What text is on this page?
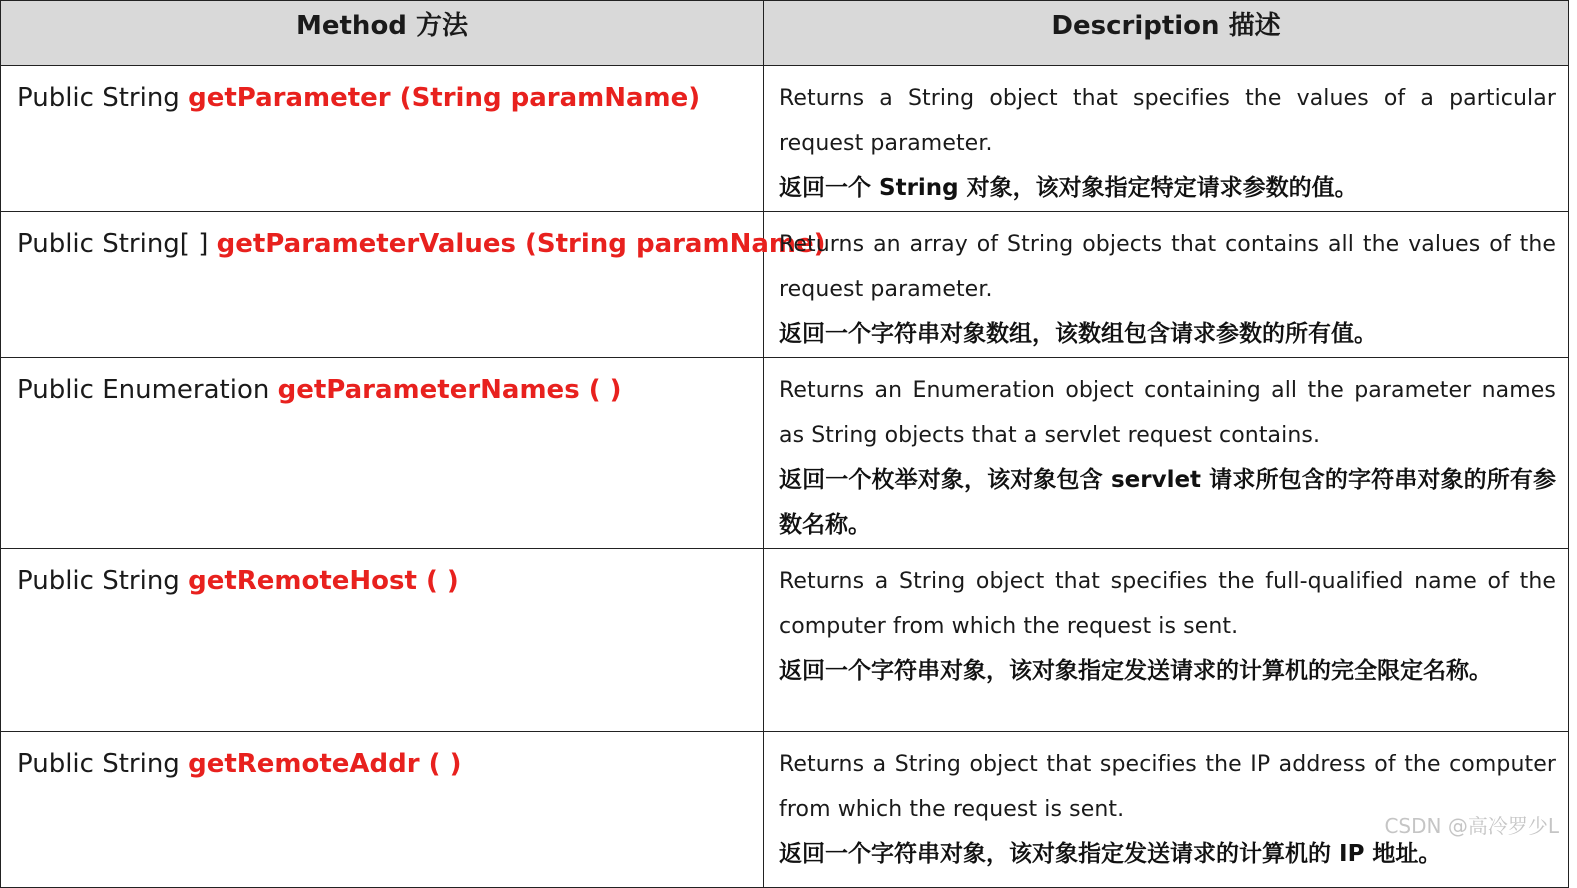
Method 方法	Description 描述
Public String getParameter (String paramName)	Returns a String object that specifies the values of a particular request parameter.
返回一个 String 对象，该对象指定特定请求参数的值。

Public String[ ] getParameterValues (String paramName)	Returns an array of String objects that contains all the values of the request parameter.
返回一个字符串对象数组，该数组包含请求参数的所有值。

Public Enumeration getParameterNames ( )	Returns an Enumeration object containing all the parameter names as String objects that a servlet request contains.
返回一个枚举对象，该对象包含 servlet 请求所包含的字符串对象的所有参数名称。

Public String getRemoteHost ( )	Returns a String object that specifies the full-qualified name of the computer from which the request is sent.
返回一个字符串对象，该对象指定发送请求的计算机的完全限定名称。

Public String getRemoteAddr ( )	Returns a String object that specifies the IP address of the computer from which the request is sent.
返回一个字符串对象，该对象指定发送请求的计算机的 IP 地址。
CSDN @高冷罗少L
